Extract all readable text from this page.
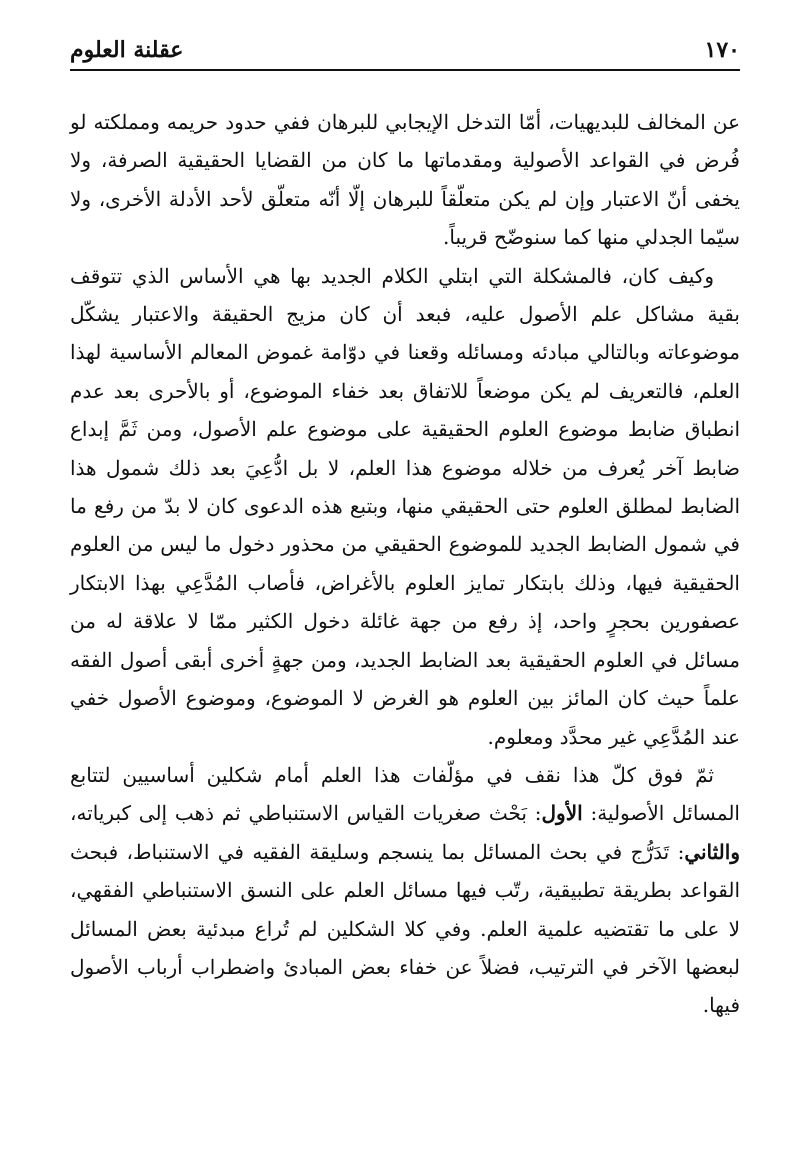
١٧٠
عقلنة العلوم

عن المخالف للبديهيات، أمّا التدخل الإيجابي للبرهان ففي حدود حريمه ومملكته لو فُرض في القواعد الأصولية ومقدماتها ما كان من القضايا الحقيقية الصرفة، ولا يخفى أنّ الاعتبار وإن لم يكن متعلّقاً للبرهان إلّا أنّه متعلّق لأحد الأدلة الأخرى، ولا سيّما الجدلي منها كما سنوضّح قريباً.

وكيف كان، فالمشكلة التي ابتلي الكلام الجديد بها هي الأساس الذي تتوقف بقية مشاكل علم الأصول عليه، فبعد أن كان مزيج الحقيقة والاعتبار يشكّل موضوعاته وبالتالي مبادئه ومسائله وقعنا في دوّامة غموض المعالم الأساسية لهذا العلم، فالتعريف لم يكن موضعاً للاتفاق بعد خفاء الموضوع، أو بالأحرى بعد عدم انطباق ضابط موضوع العلوم الحقيقية على موضوع علم الأصول، ومن ثَمَّ إبداع ضابط آخر يُعرف من خلاله موضوع هذا العلم، لا بل ادُّعِيَ بعد ذلك شمول هذا الضابط لمطلق العلوم حتى الحقيقي منها، وبتبع هذه الدعوى كان لا بدّ من رفع ما في شمول الضابط الجديد للموضوع الحقيقي من محذور دخول ما ليس من العلوم الحقيقية فيها، وذلك بابتكار تمايز العلوم بالأغراض، فأصاب المُدَّعِي بهذا الابتكار عصفورين بحجرٍ واحد، إذ رفع من جهة غائلة دخول الكثير ممّا لا علاقة له من مسائل في العلوم الحقيقية بعد الضابط الجديد، ومن جهةٍ أخرى أبقى أصول الفقه علماً حيث كان المائز بين العلوم هو الغرض لا الموضوع، وموضوع الأصول خفي عند المُدَّعِي غير محدَّد ومعلوم.

ثمّ فوق كلّ هذا نقف في مؤلّفات هذا العلم أمام شكلين أساسيين لتتابع المسائل الأصولية: الأول: بَحْث صغريات القياس الاستنباطي ثم ذهب إلى كبرياته، والثاني: تَدَرُّج في بحث المسائل بما ينسجم وسليقة الفقيه في الاستنباط، فبحث القواعد بطريقة تطبيقية، رتّب فيها مسائل العلم على النسق الاستنباطي الفقهي، لا على ما تقتضيه علمية العلم. وفي كلا الشكلين لم تُراع مبدئية بعض المسائل لبعضها الآخر في الترتيب، فضلاً عن خفاء بعض المبادئ واضطراب أرباب الأصول فيها.
